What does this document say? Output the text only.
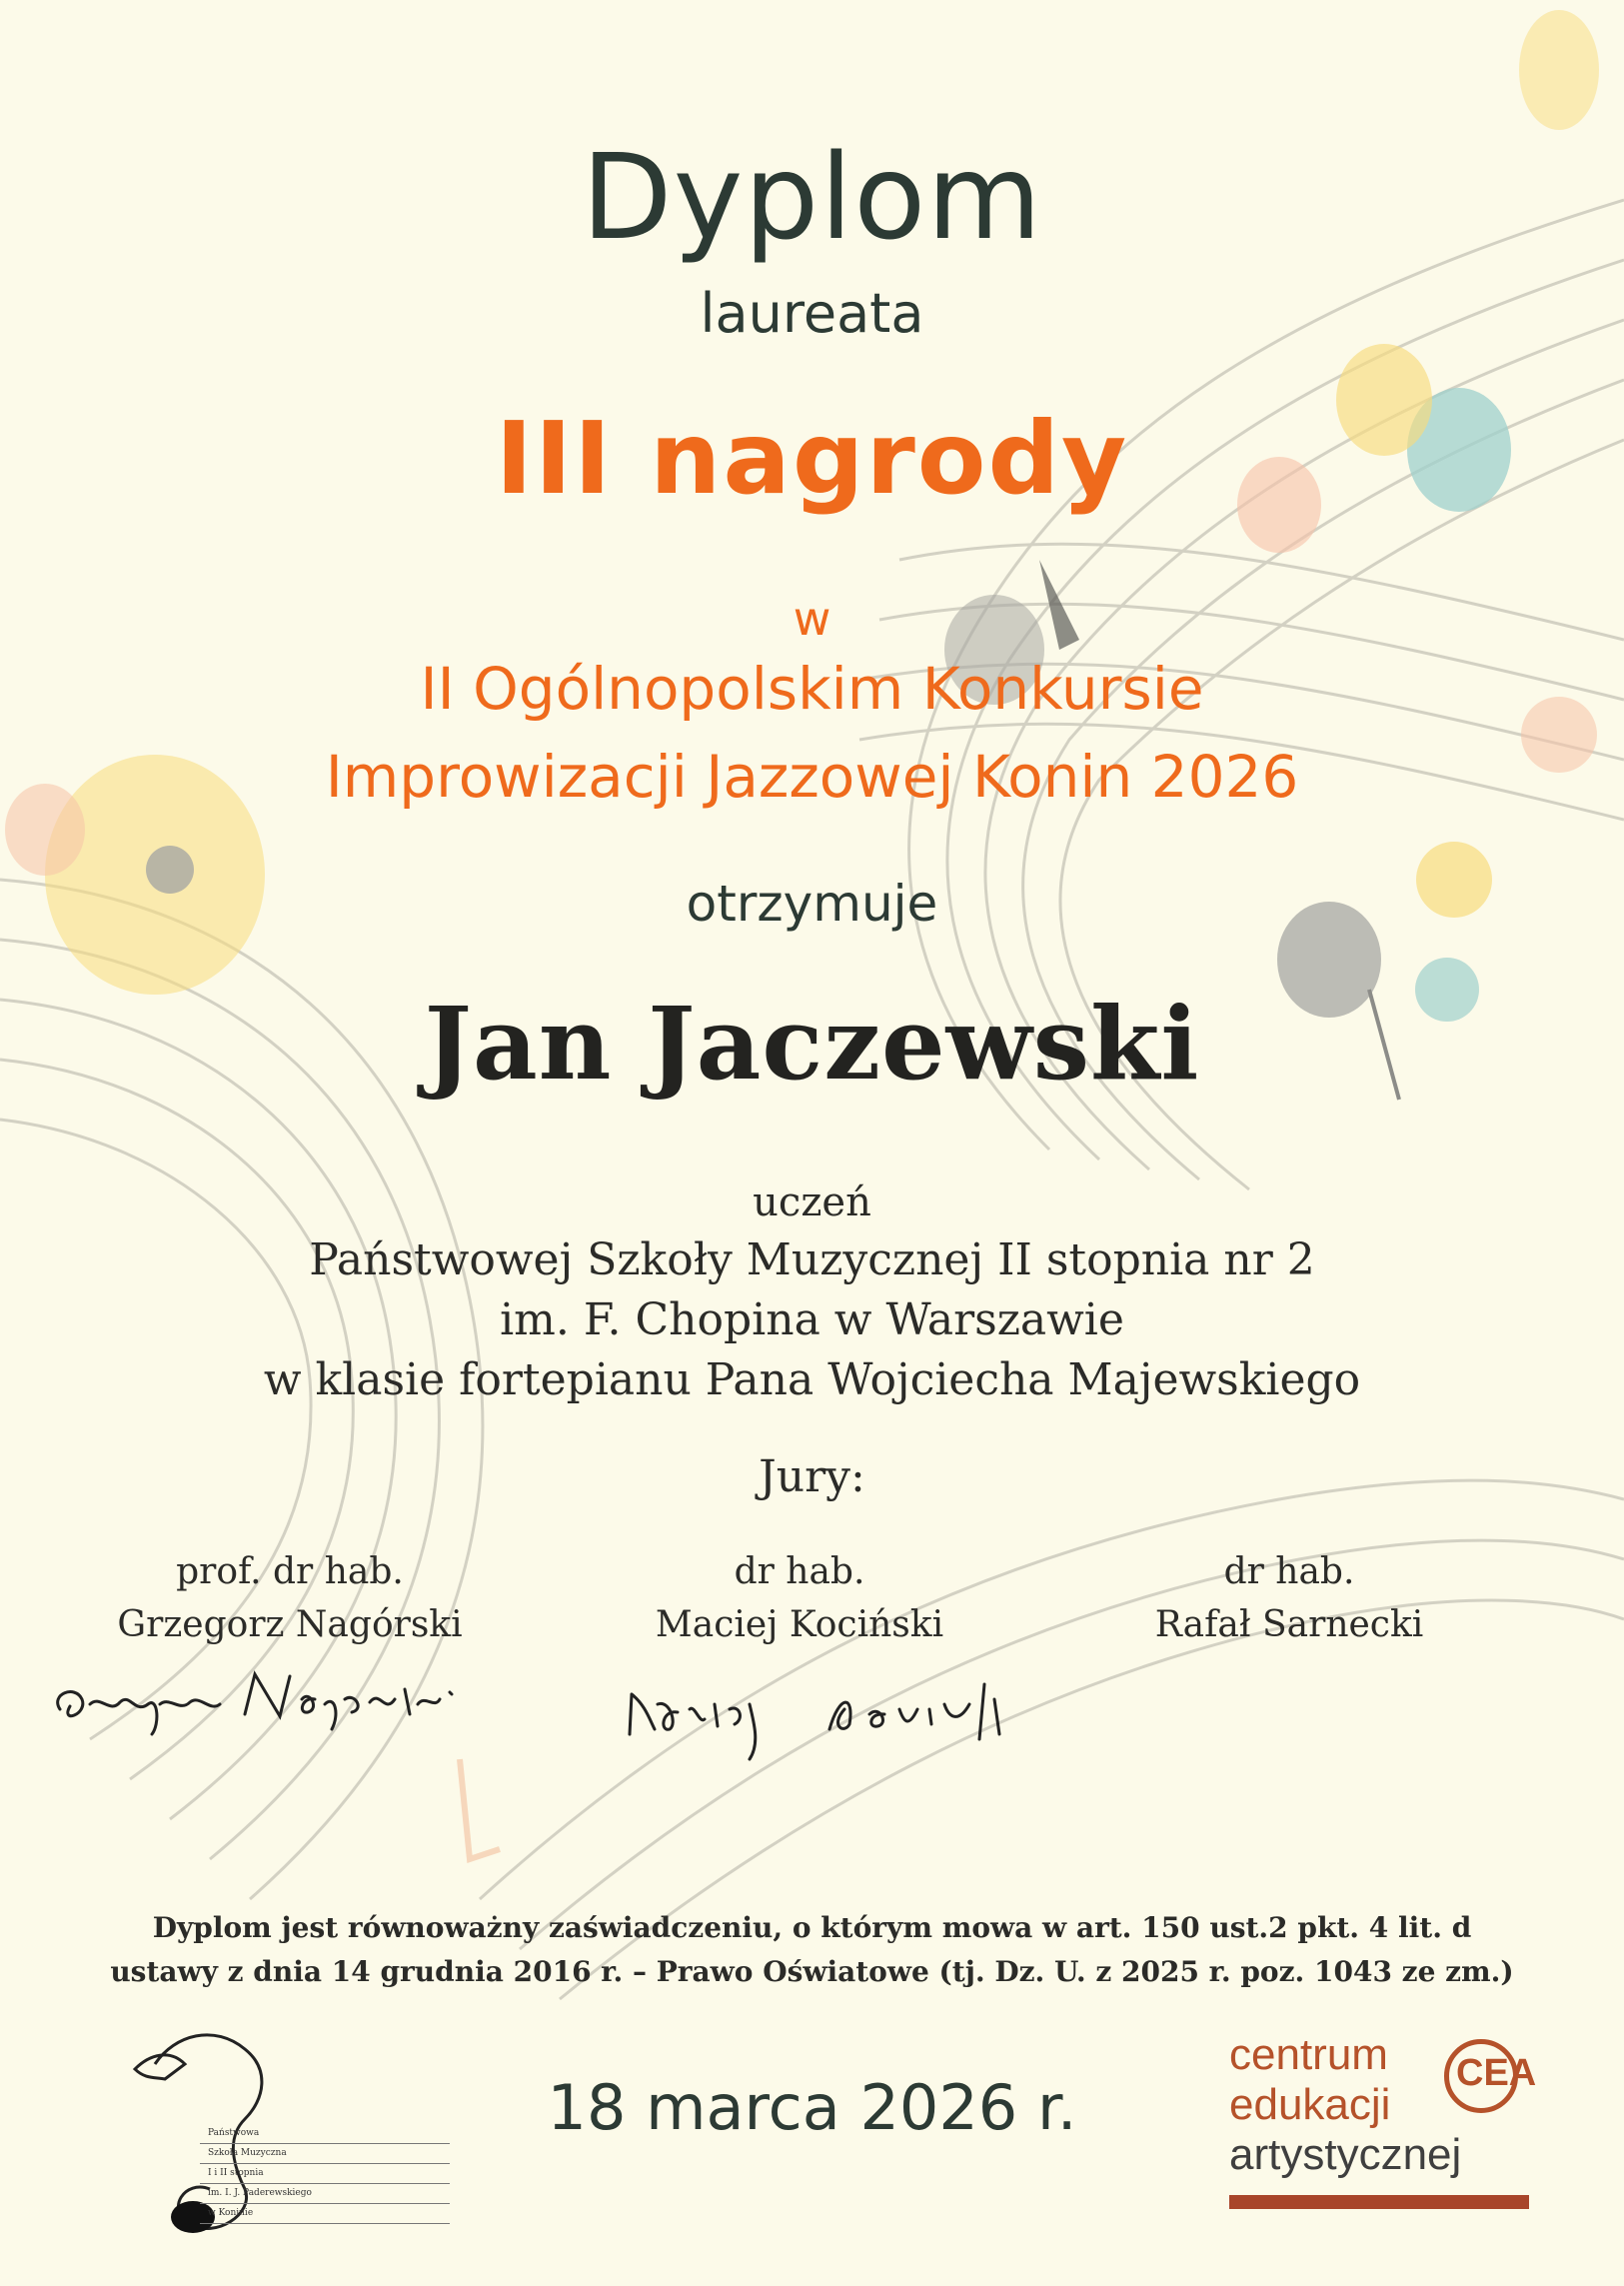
Dyplom

laureata

III nagrody

w

II Ogólnopolskim Konkursie

Improwizacji Jazzowej Konin 2026

otrzymuje

Jan Jaczewski

uczeń

Państwowej Szkoły Muzycznej II stopnia nr 2

im. F. Chopina w Warszawie

w klasie fortepianu Pana Wojciecha Majewskiego

Jury:

prof. dr hab.

Grzegorz Nagórski

dr hab.

Maciej Kociński

dr hab.

Rafał Sarnecki

Dyplom jest równoważny zaświadczeniu, o którym mowa w art. 150 ust.2 pkt. 4 lit. d

ustawy z dnia 14 grudnia 2016 r. – Prawo Oświatowe (tj. Dz. U. z 2025 r. poz. 1043 ze zm.)

Państwowa
Szkoła Muzyczna
I i II stopnia
im. I. J. Paderewskiego
w Koninie

18 marca 2026 r.

centrum

edukacji

artystycznej

CEA
